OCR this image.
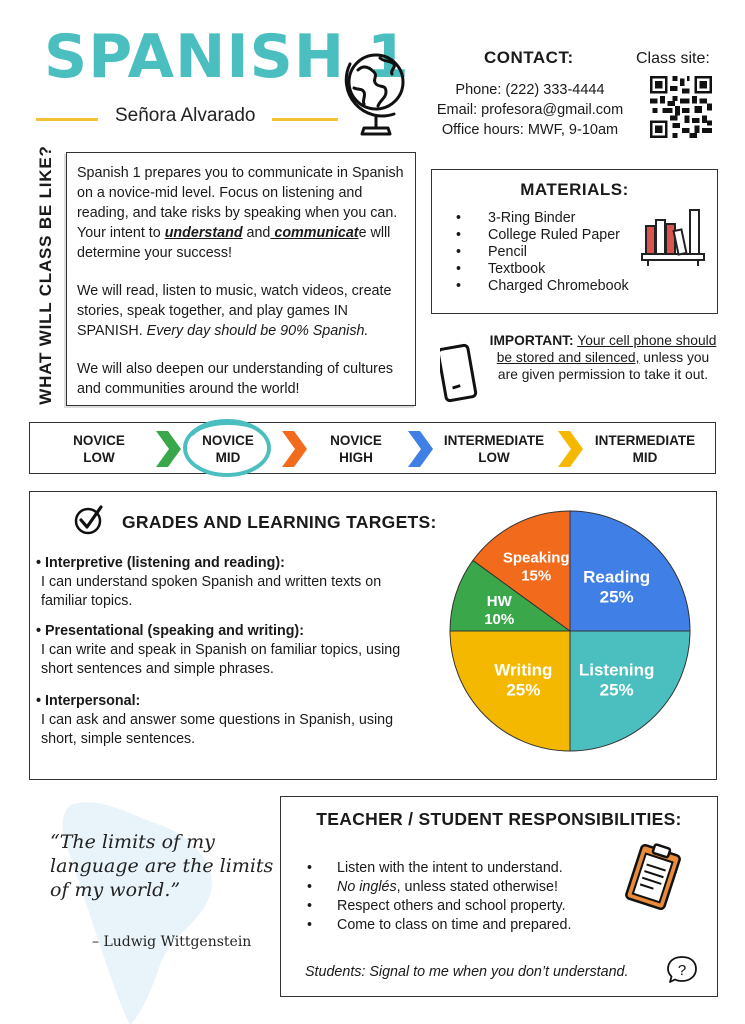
SPANISH 1
Señora Alvarado
CONTACT:
Phone: (222) 333-4444
Email: profesora@gmail.com
Office hours: MWF, 9-10am
Class site:
WHAT WILL CLASS BE LIKE? Spanish 1 prepares you to communicate in Spanish on a novice-mid level. Focus on listening and reading, and take risks by speaking when you can. Your intent to understand and communicate wlll determine your success!

We will read, listen to music, watch videos, create stories, speak together, and play games IN SPANISH. Every day should be 90% Spanish.

We will also deepen our understanding of cultures and communities around the world!

MATERIALS:
• 3-Ring Binder
• College Ruled Paper
• Pencil
• Textbook
• Charged Chromebook
IMPORTANT: Your cell phone should be stored and silenced, unless you are given permission to take it out.
NOVICE
LOW
NOVICE
MID
NOVICE
HIGH
INTERMEDIATE
LOW
INTERMEDIATE
MID
GRADES AND LEARNING TARGETS:
• Interpretive (listening and reading):
I can understand spoken Spanish and written texts on familiar topics.
• Presentational (speaking and writing):
I can write and speak in Spanish on familiar topics, using short sentences and simple phrases.
• Interpersonal:
I can ask and answer some questions in Spanish, using short, simple sentences.
Reading
25%
Listening
25%
Writing
25%
HW
10%
Speaking
15%
“The limits of my
language are the limits
of my world.”
– Ludwig Wittgenstein
TEACHER / STUDENT RESPONSIBILITIES:
• Listen with the intent to understand.
• No inglés, unless stated otherwise!
• Respect others and school property.
• Come to class on time and prepared.
Students: Signal to me when you don’t understand.	?
